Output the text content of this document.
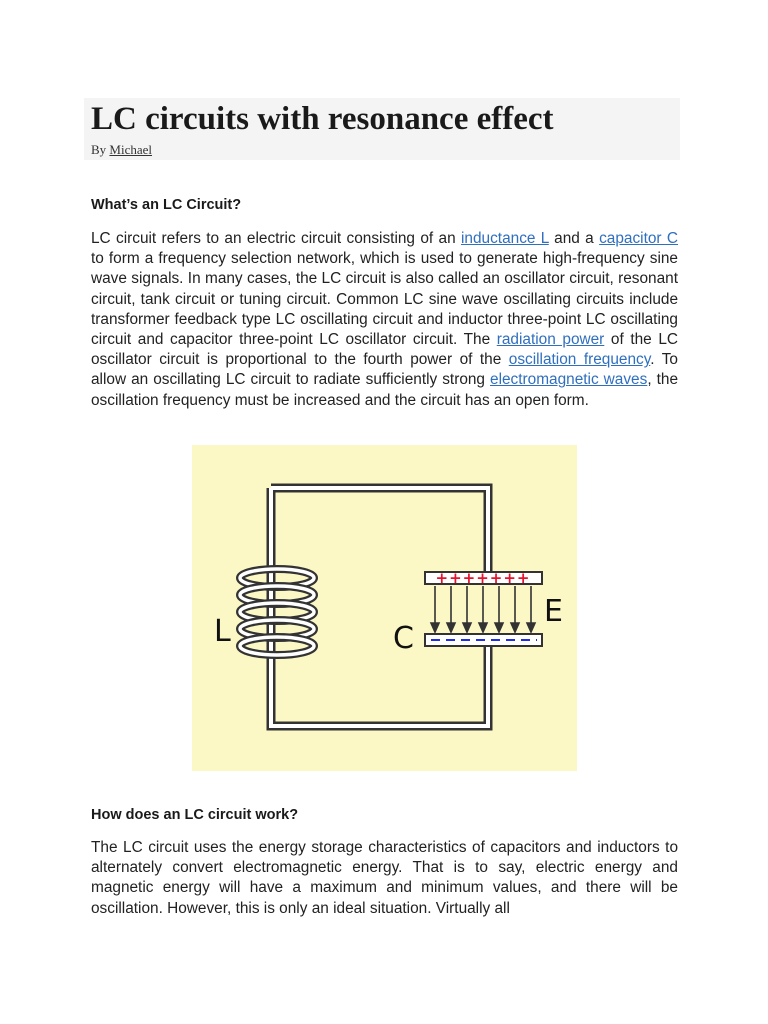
LC circuits with resonance effect
By Michael
What’s an LC Circuit?

LC circuit refers to an electric circuit consisting of an inductance L and a capacitor C to form a frequency selection network, which is used to generate high-frequency sine wave signals. In many cases, the LC circuit is also called an oscillator circuit, resonant circuit, tank circuit or tuning circuit. Common LC sine wave oscillating circuits include transformer feedback type LC oscillating circuit and inductor three-point LC oscillating circuit and capacitor three-point LC oscillator circuit. The radiation power of the LC oscillator circuit is proportional to the fourth power of the oscillation frequency. To allow an oscillating LC circuit to radiate sufficiently strong electromagnetic waves, the oscillation frequency must be increased and the circuit has an open form.

+++++++
L	C
E
How does an LC circuit work?

The LC circuit uses the energy storage characteristics of capacitors and inductors to alternately convert electromagnetic energy. That is to say, electric energy and magnetic energy will have a maximum and minimum values, and there will be oscillation. However, this is only an ideal situation. Virtually all
